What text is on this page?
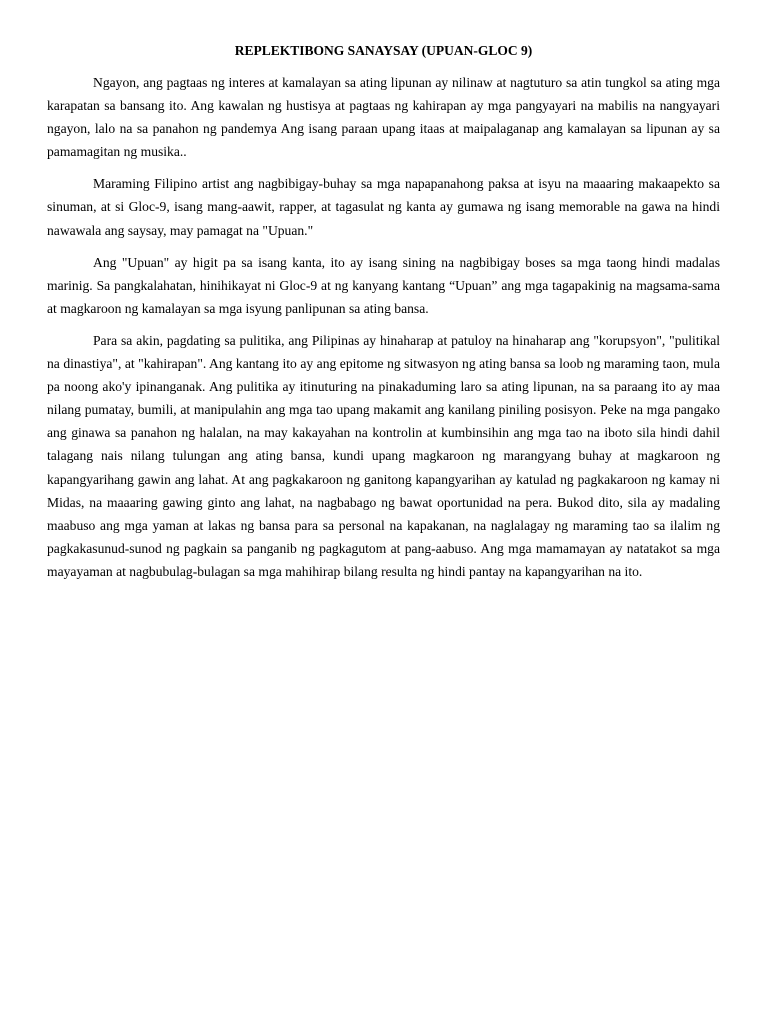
REPLEKTIBONG SANAYSAY (UPUAN-GLOC 9)

Ngayon, ang pagtaas ng interes at kamalayan sa ating lipunan ay nilinaw at nagtuturo sa atin tungkol sa ating mga karapatan sa bansang ito. Ang kawalan ng hustisya at pagtaas ng kahirapan ay mga pangyayari na mabilis na nangyayari ngayon, lalo na sa panahon ng pandemya Ang isang paraan upang itaas at maipalaganap ang kamalayan sa lipunan ay sa pamamagitan ng musika..

Maraming Filipino artist ang nagbibigay-buhay sa mga napapanahong paksa at isyu na maaaring makaapekto sa sinuman, at si Gloc-9, isang mang-aawit, rapper, at tagasulat ng kanta ay gumawa ng isang memorable na gawa na hindi nawawala ang saysay, may pamagat na "Upuan."

Ang "Upuan" ay higit pa sa isang kanta, ito ay isang sining na nagbibigay boses sa mga taong hindi madalas marinig. Sa pangkalahatan, hinihikayat ni Gloc-9 at ng kanyang kantang “Upuan” ang mga tagapakinig na magsama-sama at magkaroon ng kamalayan sa mga isyung panlipunan sa ating bansa.

Para sa akin, pagdating sa pulitika, ang Pilipinas ay hinaharap at patuloy na hinaharap ang "korupsyon", "pulitikal na dinastiya", at "kahirapan". Ang kantang ito ay ang epitome ng sitwasyon ng ating bansa sa loob ng maraming taon, mula pa noong ako'y ipinanganak. Ang pulitika ay itinuturing na pinakaduming laro sa ating lipunan, na sa paraang ito ay maa nilang pumatay, bumili, at manipulahin ang mga tao upang makamit ang kanilang piniling posisyon. Peke na mga pangako ang ginawa sa panahon ng halalan, na may kakayahan na kontrolin at kumbinsihin ang mga tao na iboto sila hindi dahil talagang nais nilang tulungan ang ating bansa, kundi upang magkaroon ng marangyang buhay at magkaroon ng kapangyarihang gawin ang lahat. At ang pagkakaroon ng ganitong kapangyarihan ay katulad ng pagkakaroon ng kamay ni Midas, na maaaring gawing ginto ang lahat, na nagbabago ng bawat oportunidad na pera. Bukod dito, sila ay madaling maabuso ang mga yaman at lakas ng bansa para sa personal na kapakanan, na naglalagay ng maraming tao sa ilalim ng pagkakasunud-sunod ng pagkain sa panganib ng pagkagutom at pang-aabuso. Ang mga mamamayan ay natatakot sa mga mayayaman at nagbubulag-bulagan sa mga mahihirap bilang resulta ng hindi pantay na kapangyarihan na ito.
